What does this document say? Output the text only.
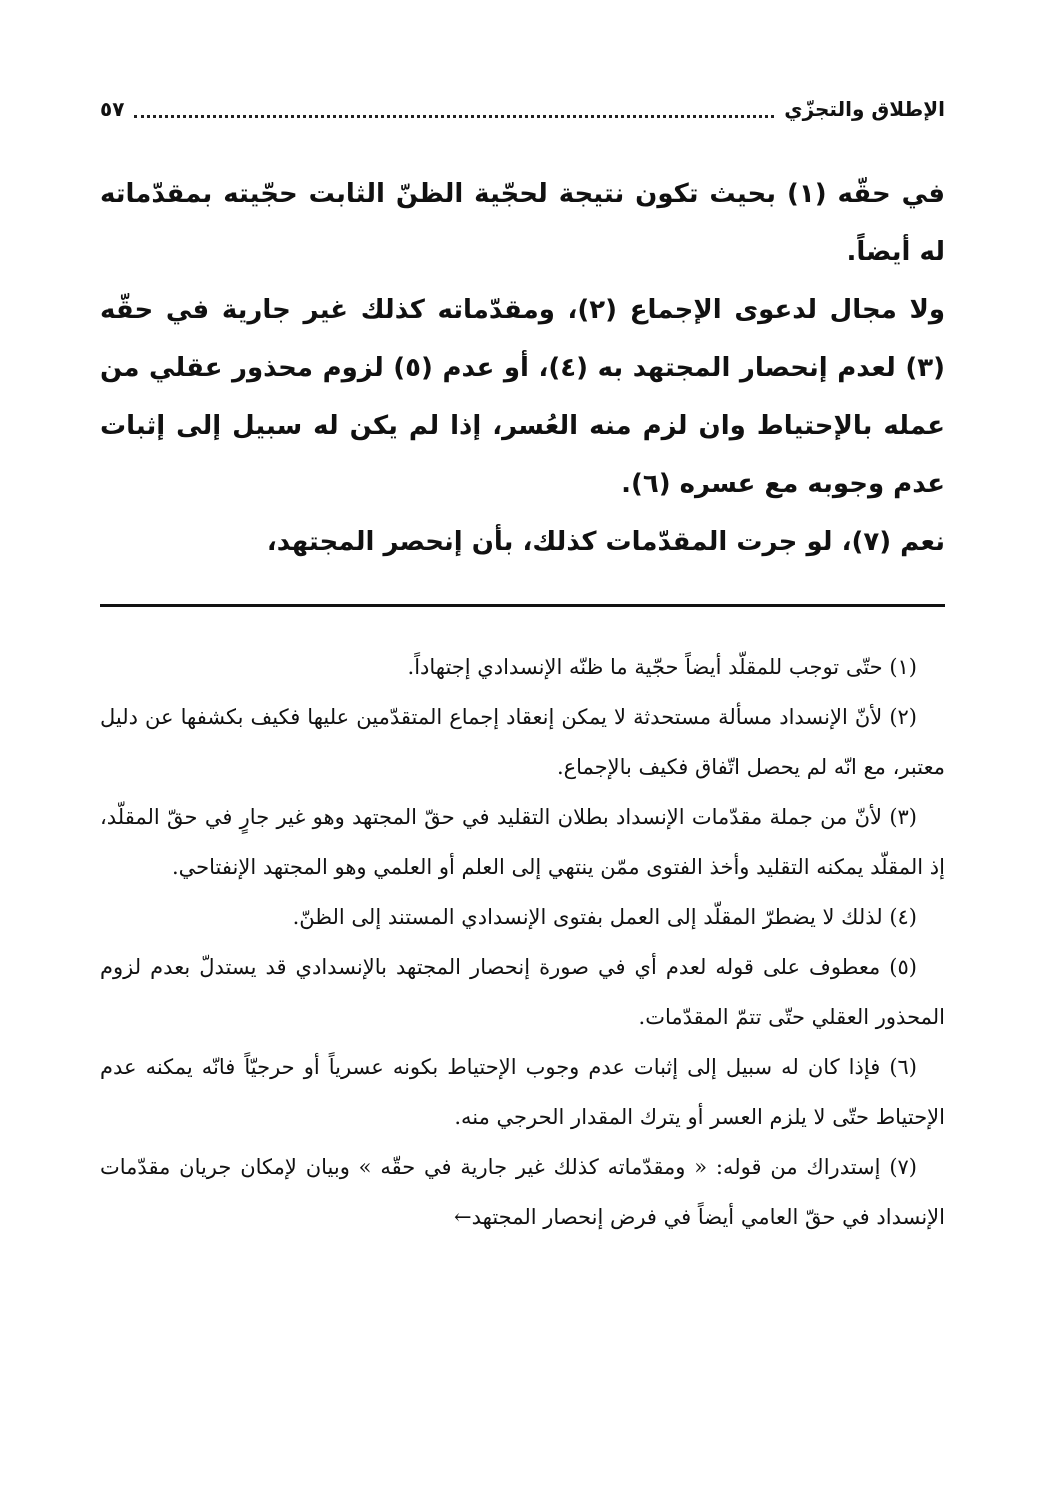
الإطلاق والتجزّي
٥٧

في حقّه (١) بحيث تكون نتيجة لحجّية الظنّ الثابت حجّيته بمقدّماته له أيضاً.

ولا مجال لدعوى الإجماع (٢)، ومقدّماته كذلك غير جارية في حقّه (٣) لعدم إنحصار المجتهد به (٤)، أو عدم (٥) لزوم محذور عقلي من عمله بالإحتياط وان لزم منه العُسر، إذا لم يكن له سبيل إلى إثبات عدم وجوبه مع عسره (٦).

نعم (٧)، لو جرت المقدّمات كذلك، بأن إنحصر المجتهد،

(١) حتّى توجب للمقلّد أيضاً حجّية ما ظنّه الإنسدادي إجتهاداً.

(٢) لأنّ الإنسداد مسألة مستحدثة لا يمكن إنعقاد إجماع المتقدّمين عليها فكيف بكشفها عن دليل معتبر، مع انّه لم يحصل اتّفاق فكيف بالإجماع.

(٣) لأنّ من جملة مقدّمات الإنسداد بطلان التقليد في حقّ المجتهد وهو غير جارٍ في حقّ المقلّد، إذ المقلّد يمكنه التقليد وأخذ الفتوى ممّن ينتهي إلى العلم أو العلمي وهو المجتهد الإنفتاحي.

(٤) لذلك لا يضطرّ المقلّد إلى العمل بفتوى الإنسدادي المستند إلى الظنّ.

(٥) معطوف على قوله لعدم أي في صورة إنحصار المجتهد بالإنسدادي قد يستدلّ بعدم لزوم المحذور العقلي حتّى تتمّ المقدّمات.

(٦) فإذا كان له سبيل إلى إثبات عدم وجوب الإحتياط بكونه عسرياً أو حرجيّاً فانّه يمكنه عدم الإحتياط حتّى لا يلزم العسر أو يترك المقدار الحرجي منه.

(٧) إستدراك من قوله: « ومقدّماته كذلك غير جارية في حقّه » وبيان لإمكان جريان مقدّمات الإنسداد في حقّ العامي أيضاً في فرض إنحصار المجتهد←
